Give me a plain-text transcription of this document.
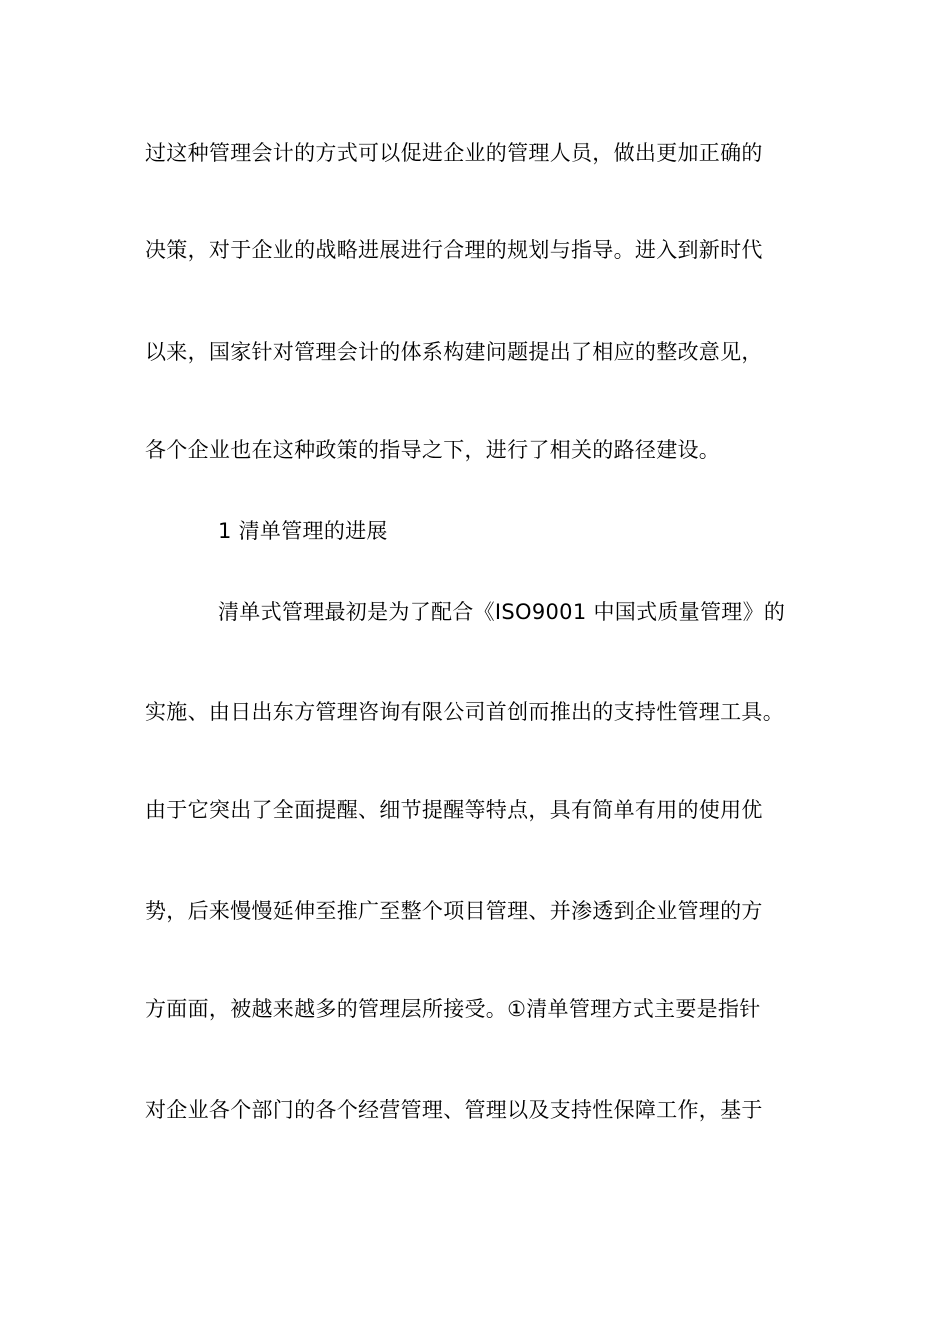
过这种管理会计的方式可以促进企业的管理人员，做出更加正确的
决策，对于企业的战略进展进行合理的规划与指导。进入到新时代
以来，国家针对管理会计的体系构建问题提出了相应的整改意见，
各个企业也在这种政策的指导之下，进行了相关的路径建设。
1 清单管理的进展
清单式管理最初是为了配合《ISO9001 中国式质量管理》的
实施、由日出东方管理咨询有限公司首创而推出的支持性管理工具。
由于它突出了全面提醒、细节提醒等特点，具有简单有用的使用优
势，后来慢慢延伸至推广至整个项目管理、并渗透到企业管理的方
方面面，被越来越多的管理层所接受。①清单管理方式主要是指针
对企业各个部门的各个经营管理、管理以及支持性保障工作，基于
